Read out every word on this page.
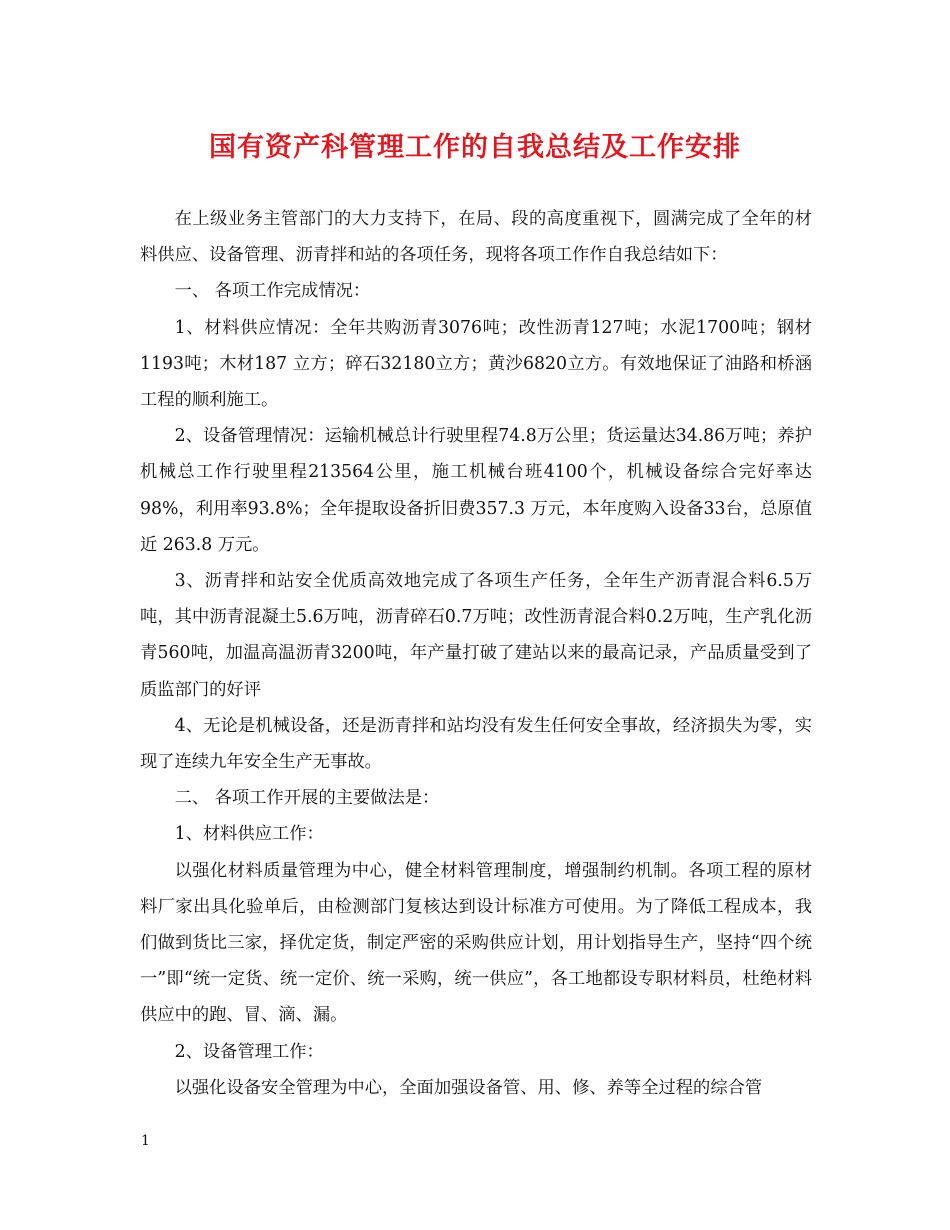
国有资产科管理工作的自我总结及工作安排

在上级业务主管部门的大力支持下，在局、段的高度重视下，圆满完成了全年的材料供应、设备管理、沥青拌和站的各项任务，现将各项工作作自我总结如下：

一、 各项工作完成情况：

1、材料供应情况：全年共购沥青3076吨；改性沥青127吨；水泥1700吨；钢材1193吨；木材187 立方；碎石32180立方；黄沙6820立方。有效地保证了油路和桥涵工程的顺利施工。

2、设备管理情况：运输机械总计行驶里程74.8万公里；货运量达34.86万吨；养护机械总工作行驶里程213564公里，施工机械台班4100个，机械设备综合完好率达98%，利用率93.8%；全年提取设备折旧费357.3 万元，本年度购入设备33台，总原值近 263.8 万元。

3、沥青拌和站安全优质高效地完成了各项生产任务，全年生产沥青混合料6.5万吨，其中沥青混凝土5.6万吨，沥青碎石0.7万吨；改性沥青混合料0.2万吨，生产乳化沥青560吨，加温高温沥青3200吨，年产量打破了建站以来的最高记录，产品质量受到了质监部门的好评

4、无论是机械设备，还是沥青拌和站均没有发生任何安全事故，经济损失为零，实现了连续九年安全生产无事故。

二、 各项工作开展的主要做法是：

1、材料供应工作：

以强化材料质量管理为中心，健全材料管理制度，增强制约机制。各项工程的原材料厂家出具化验单后，由检测部门复核达到设计标准方可使用。为了降低工程成本，我们做到货比三家，择优定货，制定严密的采购供应计划，用计划指导生产，坚持“四个统一”即“统一定货、统一定价、统一采购，统一供应”，各工地都设专职材料员，杜绝材料供应中的跑、冒、滴、漏。

2、设备管理工作：

以强化设备安全管理为中心，全面加强设备管、用、修、养等全过程的综合管

1
